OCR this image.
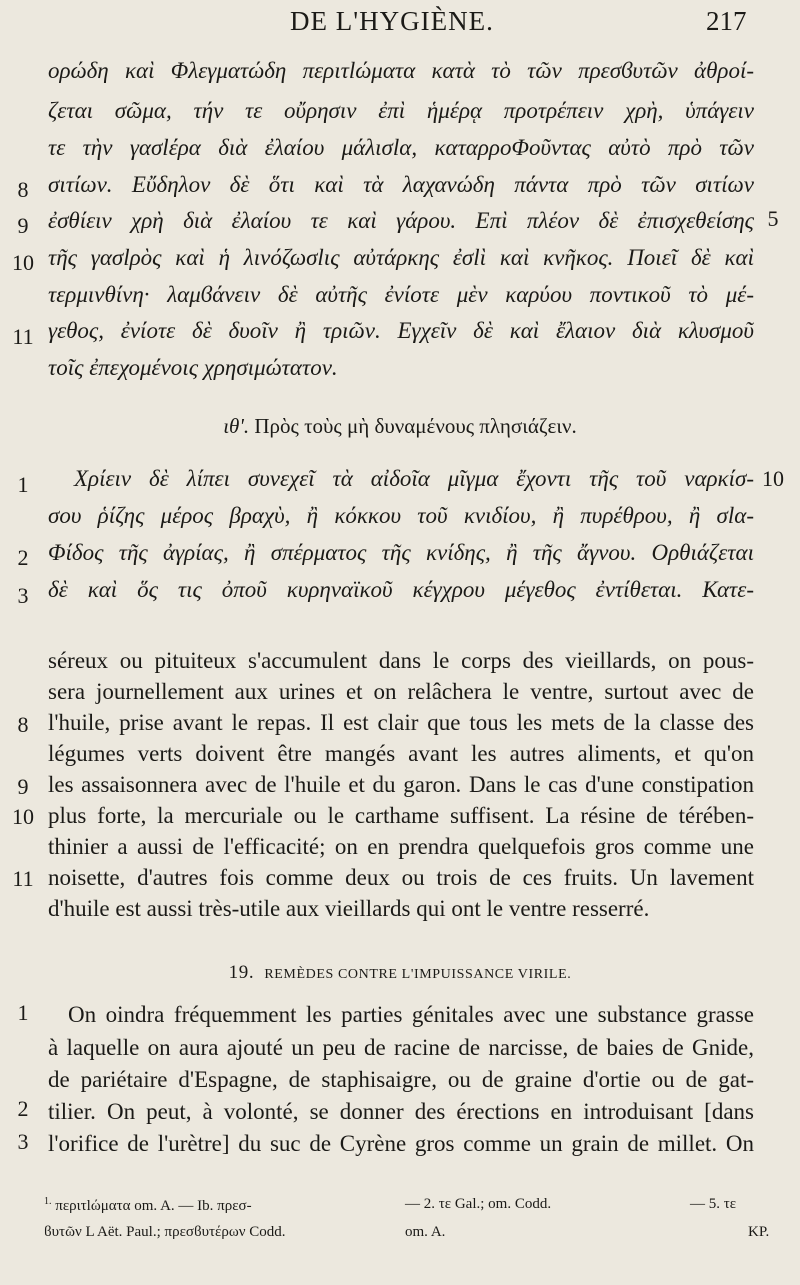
DE L'HYGIÈNE.	217
ορώδη καὶ Φλεγματώδη περιτlώματα κατὰ τὸ τῶν πρεσϐυτῶν ἀθροί-
ζεται σῶμα, τήν τε οὔρησιν ἐπὶ ἡμέρᾳ προτρέπειν χρὴ, ὑπάγειν
τε τὴν γασlέρα διὰ ἐλαίου μάλισlα, καταρροΦοῦντας αὐτὸ πρὸ τῶν
σιτίων. Εὔδηλον δὲ ὅτι καὶ τὰ λαχανώδη πάντα πρὸ τῶν σιτίων
ἐσθίειν χρὴ διὰ ἐλαίου τε καὶ γάρου. Επὶ πλέον δὲ ἐπισχεθείσης
τῆς γασlρὸς καὶ ἡ λινόζωσlις αὐτάρκης ἐσlὶ καὶ κνῆκος. Ποιεῖ δὲ καὶ
τερμινθίνη· λαμϐάνειν δὲ αὐτῆς ἐνίοτε μὲν καρύου ποντικοῦ τὸ μέ-
γεθος, ἐνίοτε δὲ δυοῖν ἢ τριῶν. Εγχεῖν δὲ καὶ ἔλαιον διὰ κλυσμοῦ
τοῖς ἐπεχομένοις χρησιμώτατον.
8
9
10
11
5
ιθʹ. Πρὸς τοὺς μὴ δυναμένους πλησιάζειν.
Χρίειν δὲ λίπει συνεχεῖ τὰ αἰδοῖα μῖγμα ἔχοντι τῆς τοῦ ναρκίσ-
σου ῥίζης μέρος βραχὺ, ἢ κόκκου τοῦ κνιδίου, ἢ πυρέθρου, ἢ σlα-
Φίδος τῆς ἀγρίας, ἢ σπέρματος τῆς κνίδης, ἢ τῆς ἄγνου. Ορθιάζεται
δὲ καὶ ὅς τις ὀποῦ κυρηναϊκοῦ κέγχρου μέγεθος ἐντίθεται. Κατε-
1
2
3
10
séreux ou pituiteux s'accumulent dans le corps des vieillards, on pous-
sera journellement aux urines et on relâchera le ventre, surtout avec de
l'huile, prise avant le repas. Il est clair que tous les mets de la classe des
légumes verts doivent être mangés avant les autres aliments, et qu'on
les assaisonnera avec de l'huile et du garon. Dans le cas d'une constipation
plus forte, la mercuriale ou le carthame suffisent. La résine de térében-
thinier a aussi de l'efficacité; on en prendra quelquefois gros comme une
noisette, d'autres fois comme deux ou trois de ces fruits. Un lavement
d'huile est aussi très-utile aux vieillards qui ont le ventre resserré.
8
9
10
11
19. REMÈDES CONTRE L'IMPUISSANCE VIRILE.
On oindra fréquemment les parties génitales avec une substance grasse
à laquelle on aura ajouté un peu de racine de narcisse, de baies de Gnide,
de pariétaire d'Espagne, de staphisaigre, ou de graine d'ortie ou de gat-
tilier. On peut, à volonté, se donner des érections en introduisant [dans
l'orifice de l'urètre] du suc de Cyrène gros comme un grain de millet. On
1
2
3
$^{1.}$ περιτlώματα om. A. — Ib. πρεσ-
ϐυτῶν L Aët. Paul.; πρεσϐυτέρων Codd.
— 2. τε Gal.; om. Codd.
om. A.
— 5. τε
ΚΡ.
